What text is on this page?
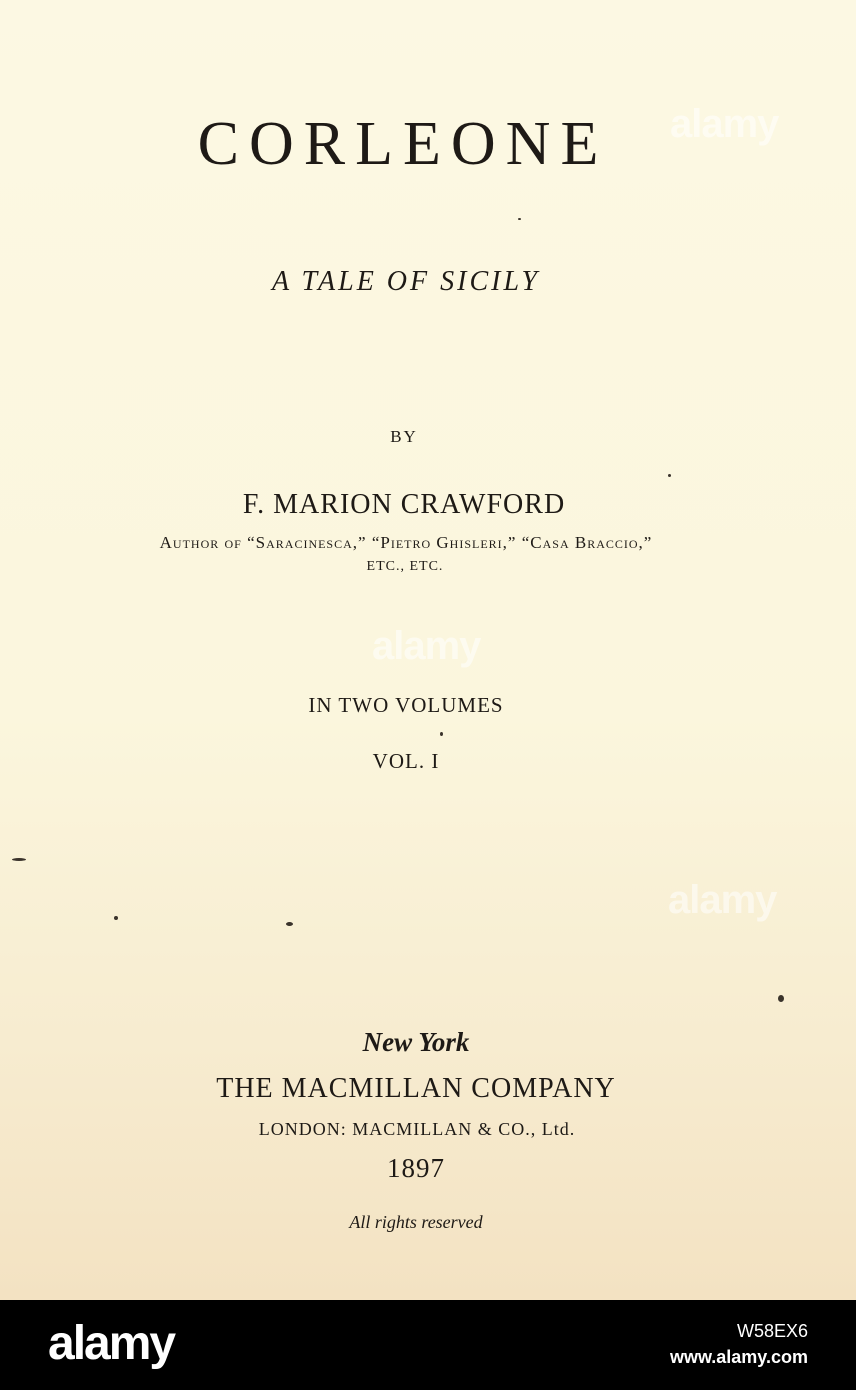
CORLEONE
A TALE OF SICILY
BY
F. MARION CRAWFORD
Author of “Saracinesca,” “Pietro Ghisleri,” “Casa Braccio,”
ETC., ETC.
IN TWO VOLUMES
VOL. I
New York
THE MACMILLAN COMPANY
LONDON: MACMILLAN & CO., Ltd.
1897
All rights reserved
alamy
alamy
alamy
alamy	W58EX6
www.alamy.com
